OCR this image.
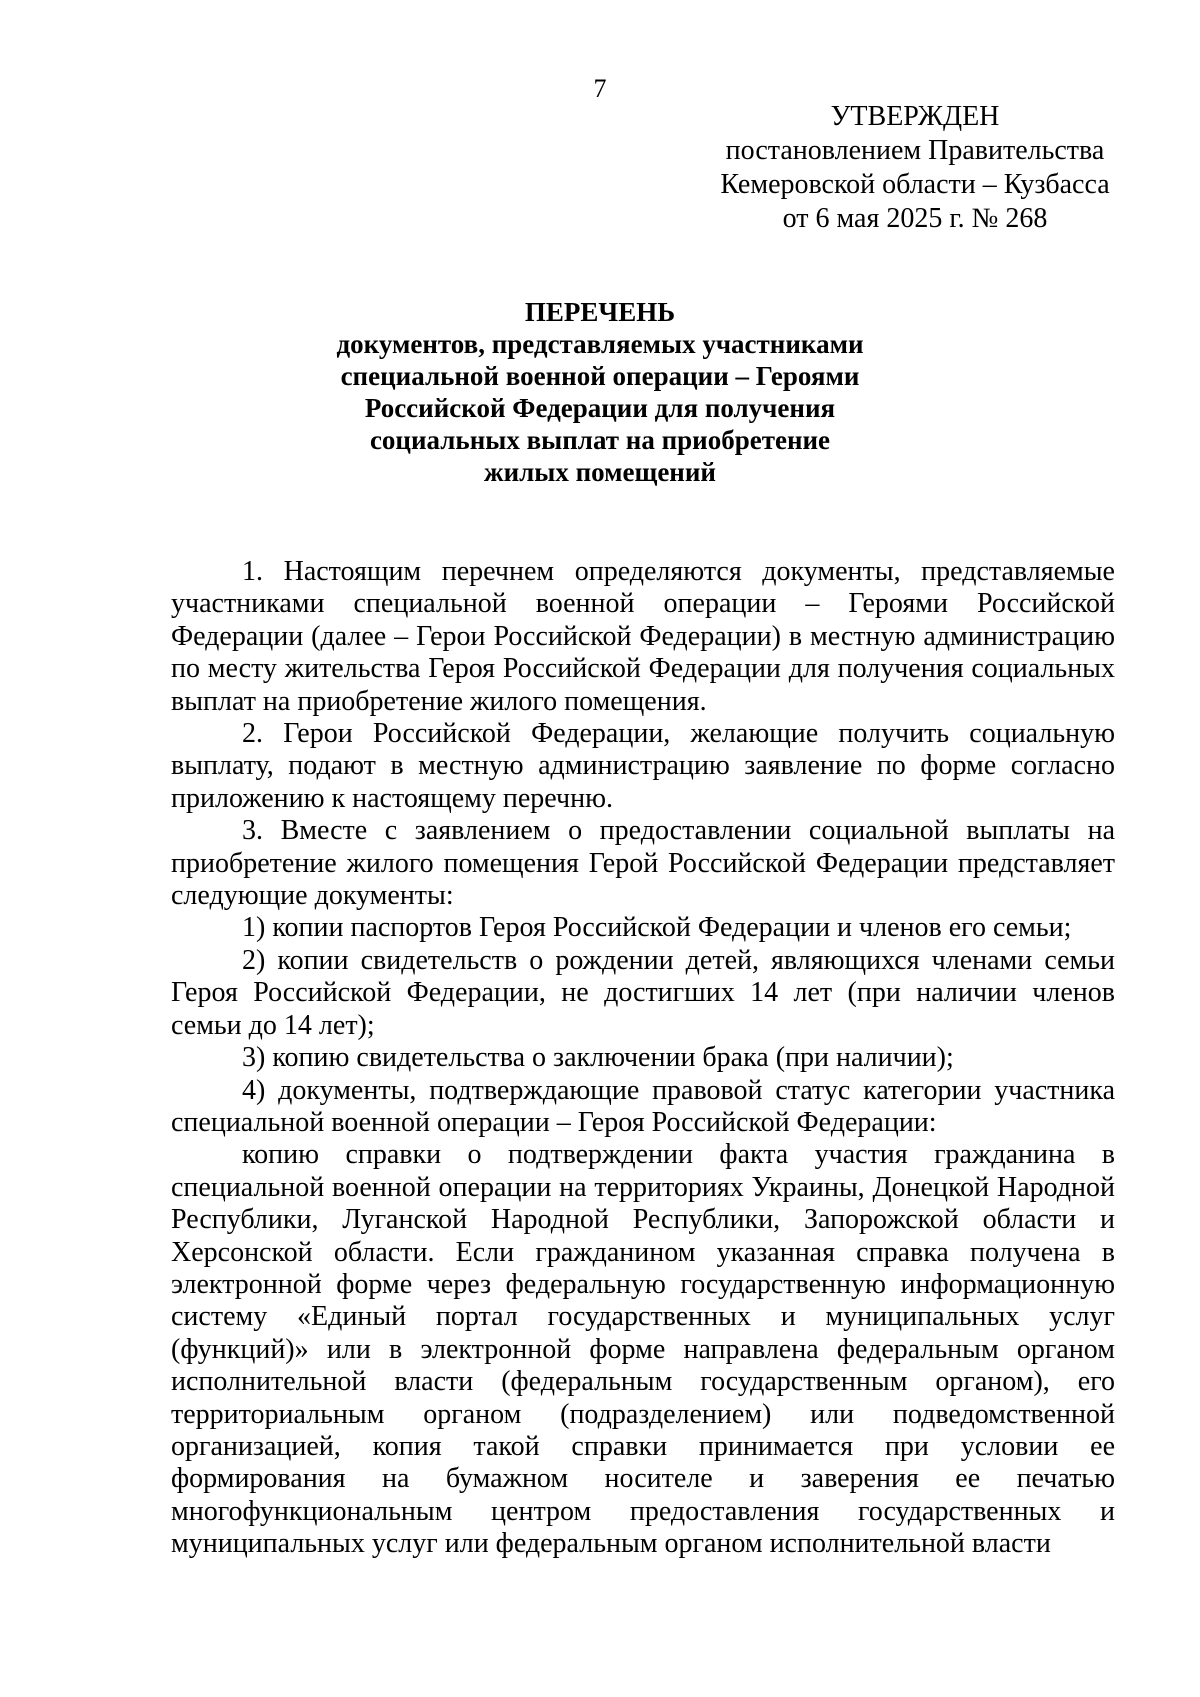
7
УТВЕРЖДЕН
постановлением Правительства
Кемеровской области – Кузбасса
от 6 мая 2025 г. № 268
ПЕРЕЧЕНЬ
документов, представляемых участниками
специальной военной операции – Героями
Российской Федерации для получения
социальных выплат на приобретение
жилых помещений

1. Настоящим перечнем определяются документы, представляемые участниками специальной военной операции – Героями Российской Федерации (далее – Герои Российской Федерации) в местную администрацию по месту жительства Героя Российской Федерации для получения социальных выплат на приобретение жилого помещения.

2. Герои Российской Федерации, желающие получить социальную выплату, подают в местную администрацию заявление по форме согласно приложению к настоящему перечню.

3. Вместе с заявлением о предоставлении социальной выплаты на приобретение жилого помещения Герой Российской Федерации представляет следующие документы:

1) копии паспортов Героя Российской Федерации и членов его семьи;

2) копии свидетельств о рождении детей, являющихся членами семьи Героя Российской Федерации, не достигших 14 лет (при наличии членов семьи до 14 лет);

3) копию свидетельства о заключении брака (при наличии);

4) документы, подтверждающие правовой статус категории участника специальной военной операции – Героя Российской Федерации:

копию справки о подтверждении факта участия гражданина в специальной военной операции на территориях Украины, Донецкой Народной Республики, Луганской Народной Республики, Запорожской области и Херсонской области. Если гражданином указанная справка получена в электронной форме через федеральную государственную информационную систему «Единый портал государственных и муниципальных услуг (функций)» или в электронной форме направлена федеральным органом исполнительной власти (федеральным государственным органом), его территориальным органом (подразделением) или подведомственной организацией, копия такой справки принимается при условии ее формирования на бумажном носителе и заверения ее печатью многофункциональным центром предоставления государственных и муниципальных услуг или федеральным органом исполнительной власти
